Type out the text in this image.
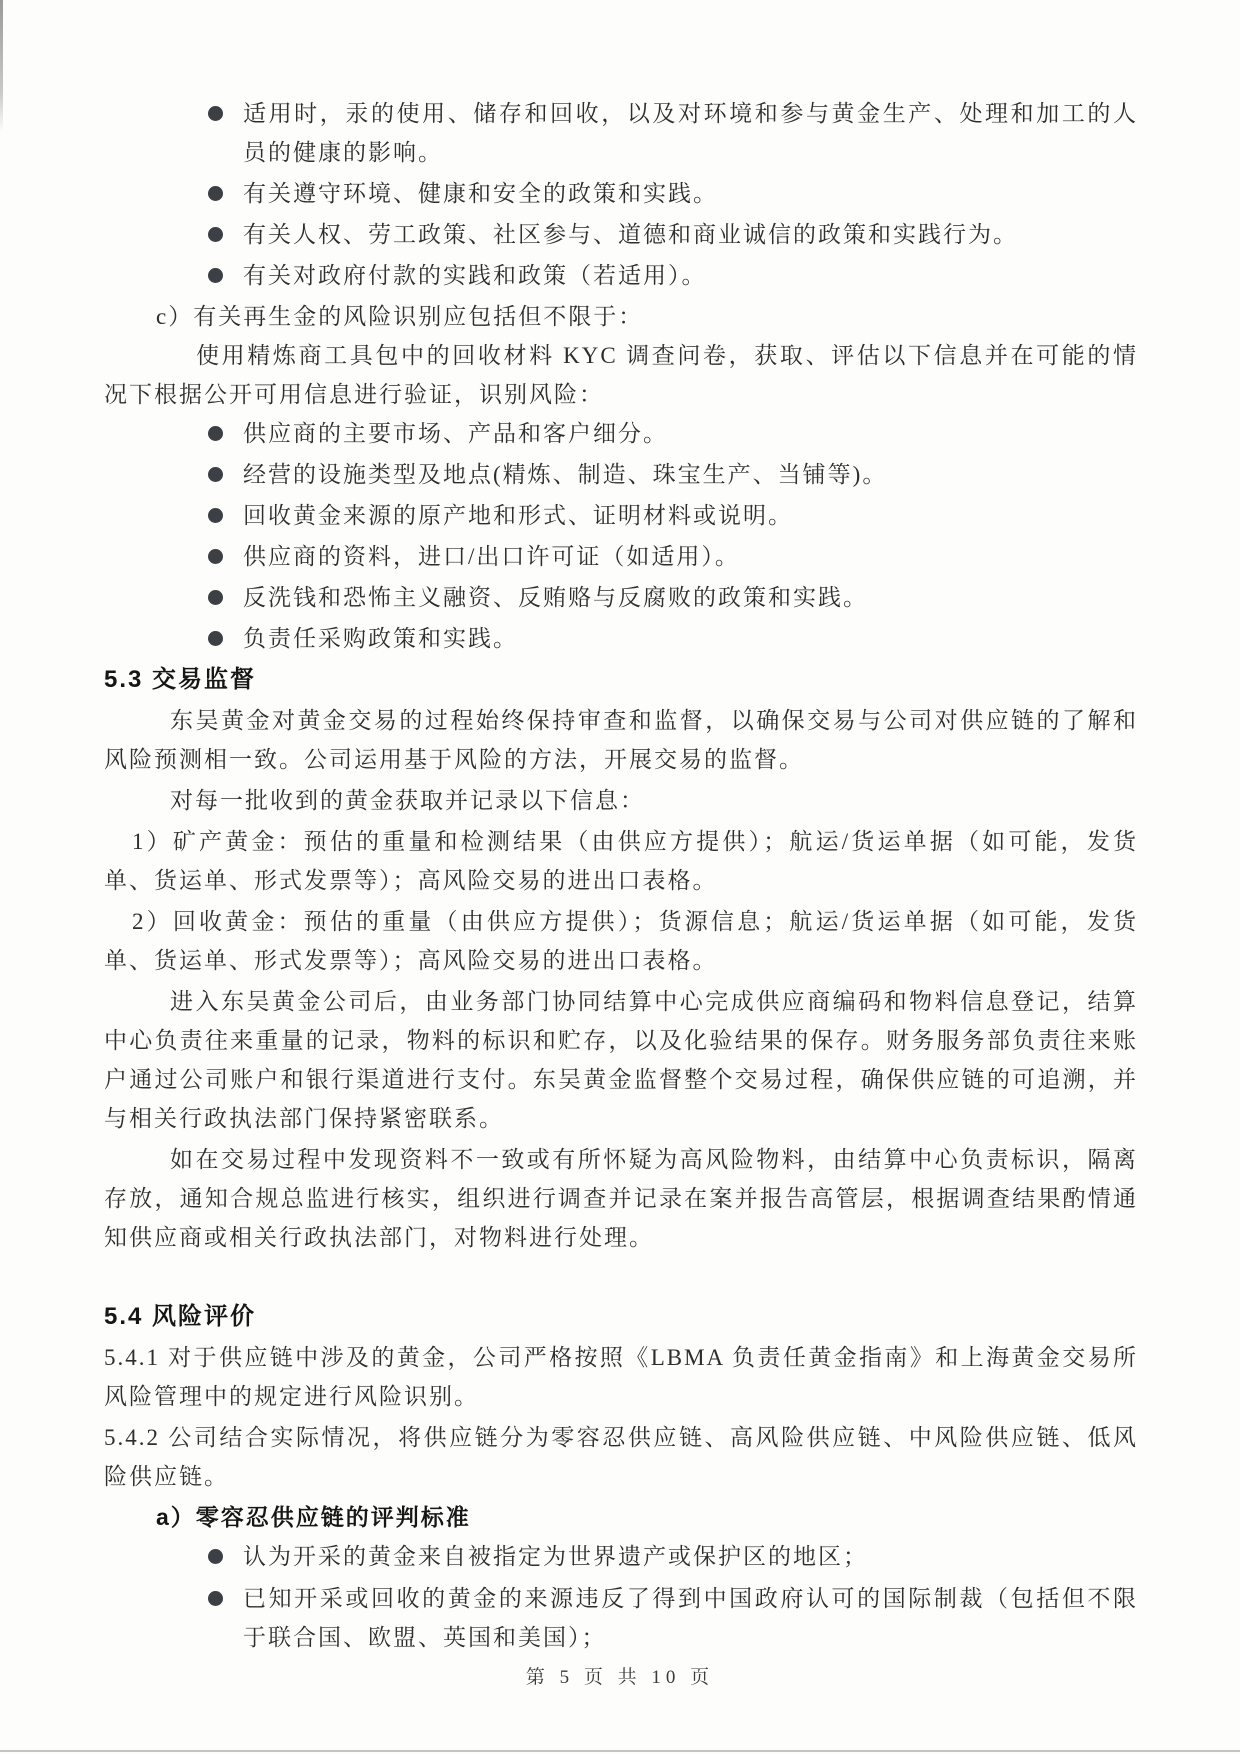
适用时，汞的使用、储存和回收，以及对环境和参与黄金生产、处理和加工的人员的健康的影响。
有关遵守环境、健康和安全的政策和实践。
有关人权、劳工政策、社区参与、道德和商业诚信的政策和实践行为。
有关对政府付款的实践和政策（若适用）。
c）有关再生金的风险识别应包括但不限于：

使用精炼商工具包中的回收材料 KYC 调查问卷，获取、评估以下信息并在可能的情况下根据公开可用信息进行验证，识别风险：

供应商的主要市场、产品和客户细分。
经营的设施类型及地点(精炼、制造、珠宝生产、当铺等)。
回收黄金来源的原产地和形式、证明材料或说明。
供应商的资料，进口/出口许可证（如适用）。
反洗钱和恐怖主义融资、反贿赂与反腐败的政策和实践。
负责任采购政策和实践。
5.3 交易监督

东吴黄金对黄金交易的过程始终保持审查和监督，以确保交易与公司对供应链的了解和风险预测相一致。公司运用基于风险的方法，开展交易的监督。

对每一批收到的黄金获取并记录以下信息：

1）矿产黄金：预估的重量和检测结果（由供应方提供）；航运/货运单据（如可能，发货单、货运单、形式发票等）；高风险交易的进出口表格。

2）回收黄金：预估的重量（由供应方提供）；货源信息；航运/货运单据（如可能，发货单、货运单、形式发票等）；高风险交易的进出口表格。

进入东吴黄金公司后，由业务部门协同结算中心完成供应商编码和物料信息登记，结算中心负责往来重量的记录，物料的标识和贮存，以及化验结果的保存。财务服务部负责往来账户通过公司账户和银行渠道进行支付。东吴黄金监督整个交易过程，确保供应链的可追溯，并与相关行政执法部门保持紧密联系。

如在交易过程中发现资料不一致或有所怀疑为高风险物料，由结算中心负责标识，隔离存放，通知合规总监进行核实，组织进行调查并记录在案并报告高管层，根据调查结果酌情通知供应商或相关行政执法部门，对物料进行处理。

5.4 风险评价

5.4.1 对于供应链中涉及的黄金，公司严格按照《LBMA 负责任黄金指南》和上海黄金交易所风险管理中的规定进行风险识别。

5.4.2 公司结合实际情况，将供应链分为零容忍供应链、高风险供应链、中风险供应链、低风险供应链。

a）零容忍供应链的评判标准
认为开采的黄金来自被指定为世界遗产或保护区的地区；
已知开采或回收的黄金的来源违反了得到中国政府认可的国际制裁（包括但不限于联合国、欧盟、英国和美国）；
第 5 页 共 10 页
